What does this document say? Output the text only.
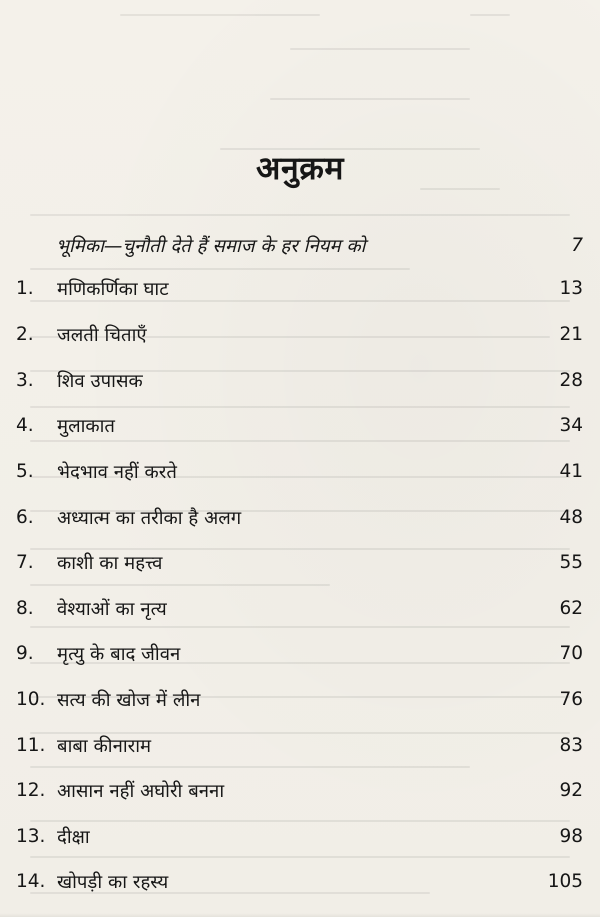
अनुक्रम
भूमिका—चुनौती देते हैं समाज के हर नियम को	7
1.	मणिकर्णिका घाट	13
2.	जलती चिताएँ	21
3.	शिव उपासक	28
4.	मुलाकात	34
5.	भेदभाव नहीं करते	41
6.	अध्यात्म का तरीका है अलग	48
7.	काशी का महत्त्व	55
8.	वेश्याओं का नृत्य	62
9.	मृत्यु के बाद जीवन	70
10. सत्य की खोज में लीन	76
11. बाबा कीनाराम	83
12. आसान नहीं अघोरी बनना	92
13. दीक्षा	98
14. खोपड़ी का रहस्य	105
